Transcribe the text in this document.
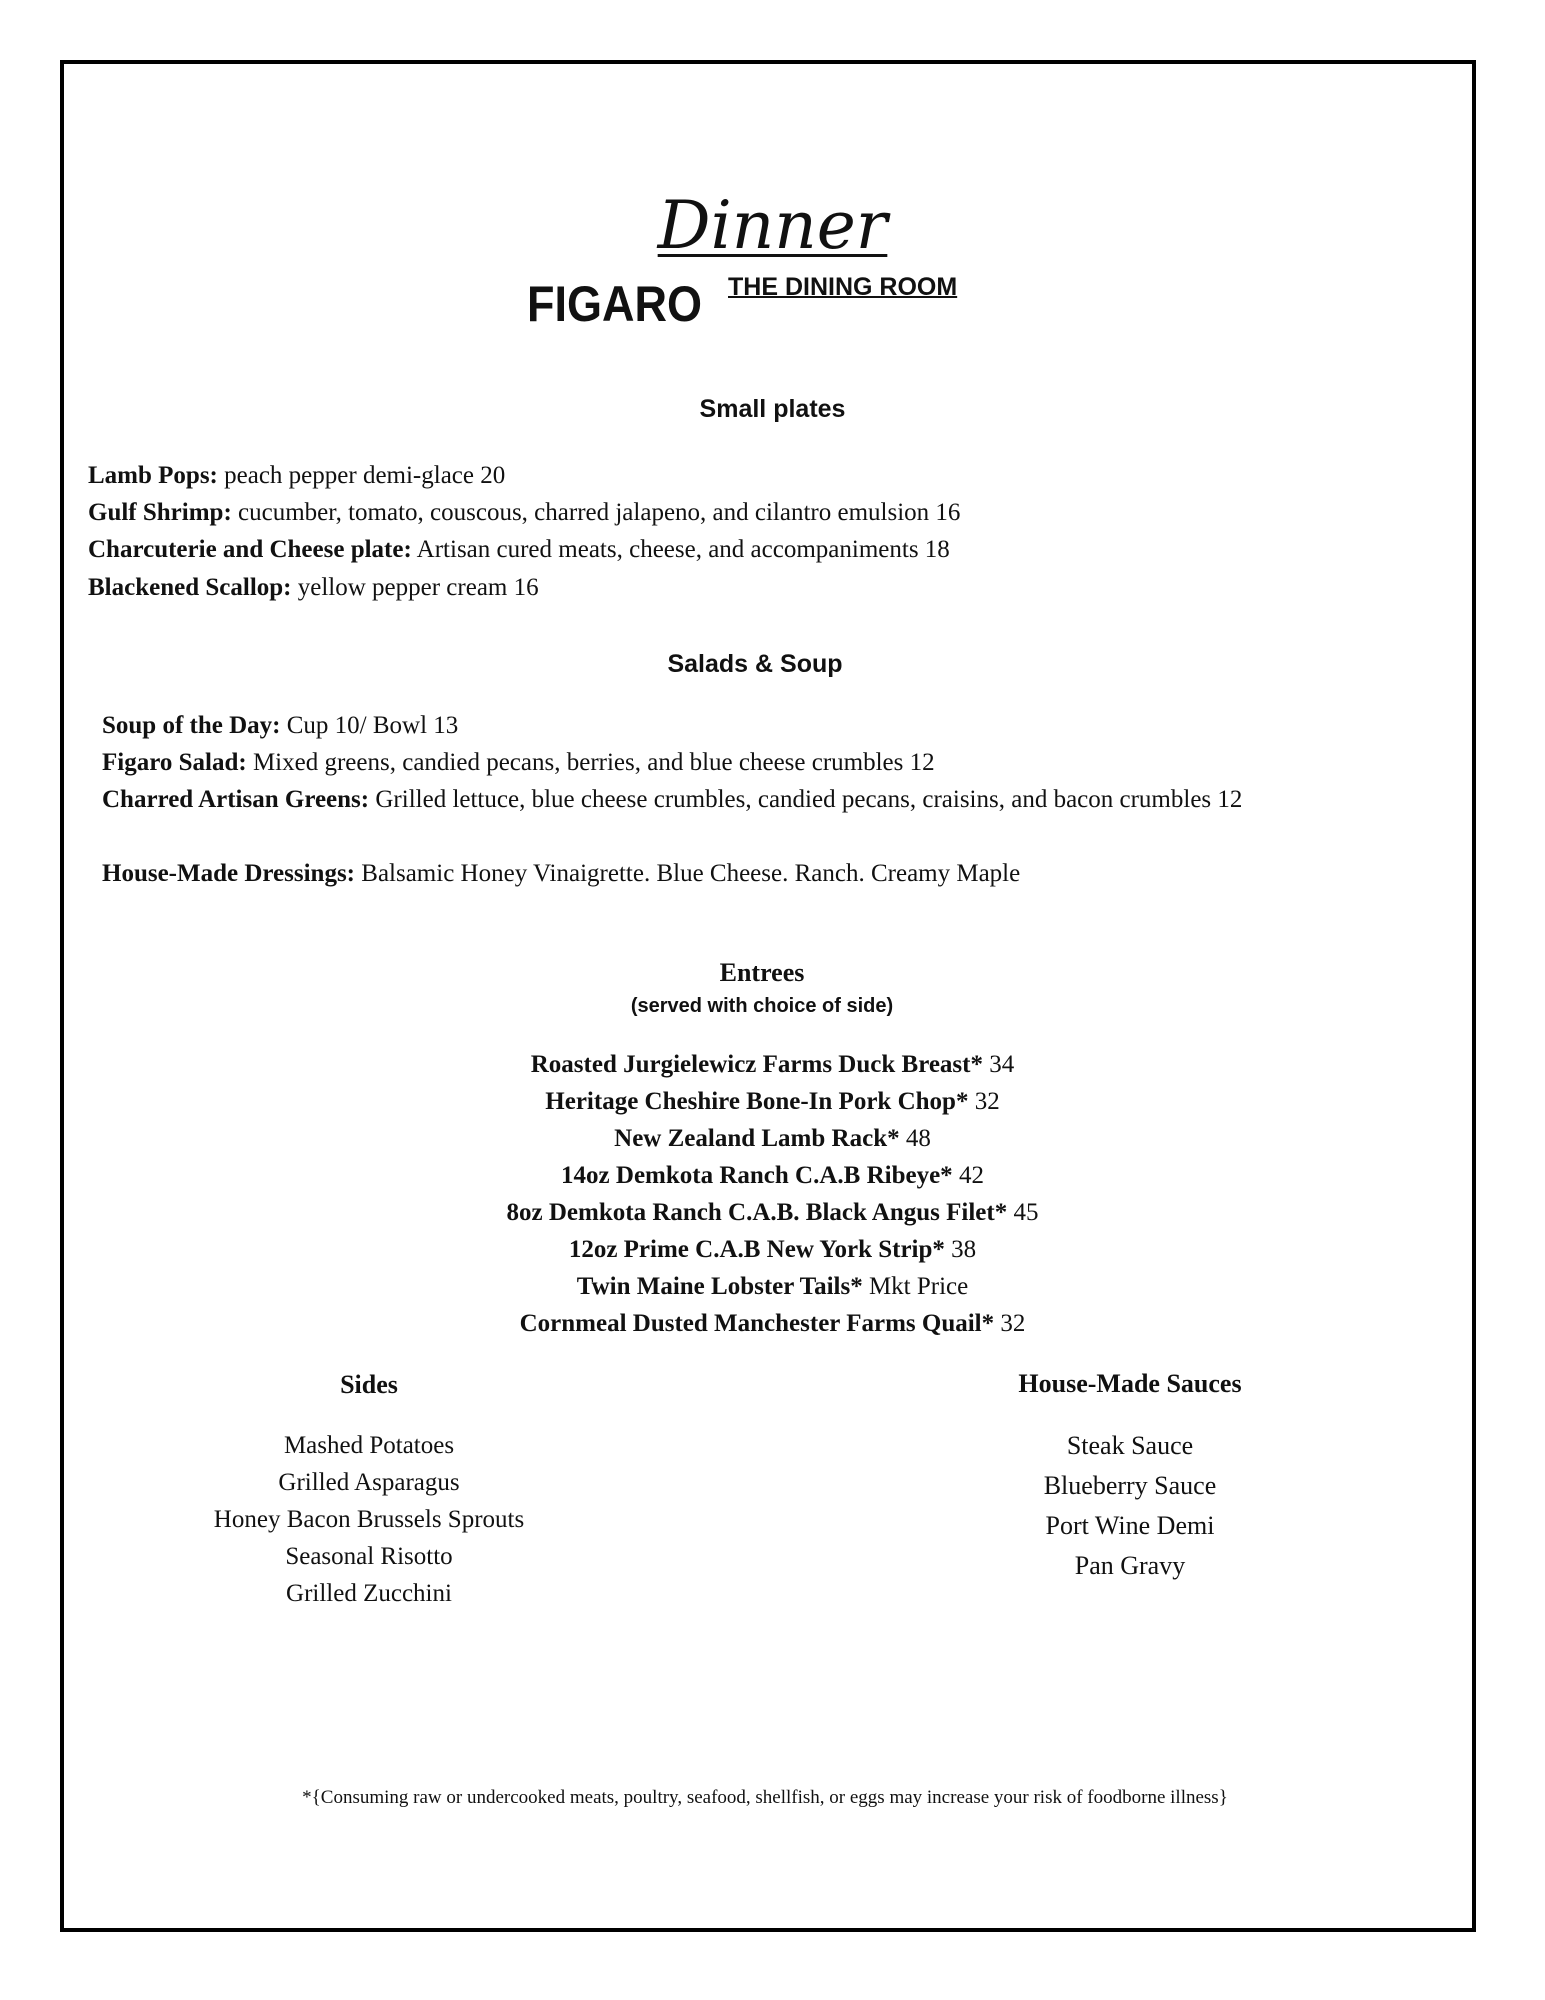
Dinner
FIGARO THE DINING ROOM
Small plates
Lamb Pops: peach pepper demi-glace 20
Gulf Shrimp: cucumber, tomato, couscous, charred jalapeno, and cilantro emulsion 16
Charcuterie and Cheese plate: Artisan cured meats, cheese, and accompaniments 18
Blackened Scallop: yellow pepper cream 16
Salads & Soup
Soup of the Day: Cup 10/ Bowl 13
Figaro Salad: Mixed greens, candied pecans, berries, and blue cheese crumbles 12
Charred Artisan Greens: Grilled lettuce, blue cheese crumbles, candied pecans, craisins, and bacon crumbles 12
House-Made Dressings: Balsamic Honey Vinaigrette. Blue Cheese. Ranch. Creamy Maple
Entrees
(served with choice of side)
Roasted Jurgielewicz Farms Duck Breast* 34
Heritage Cheshire Bone-In Pork Chop* 32
New Zealand Lamb Rack* 48
14oz Demkota Ranch C.A.B Ribeye* 42
8oz Demkota Ranch C.A.B. Black Angus Filet* 45
12oz Prime C.A.B New York Strip* 38
Twin Maine Lobster Tails* Mkt Price
Cornmeal Dusted Manchester Farms Quail* 32
Sides
Mashed Potatoes
Grilled Asparagus
Honey Bacon Brussels Sprouts
Seasonal Risotto
Grilled Zucchini
House-Made Sauces
Steak Sauce
Blueberry Sauce
Port Wine Demi
Pan Gravy
*{Consuming raw or undercooked meats, poultry, seafood, shellfish, or eggs may increase your risk of foodborne illness}
